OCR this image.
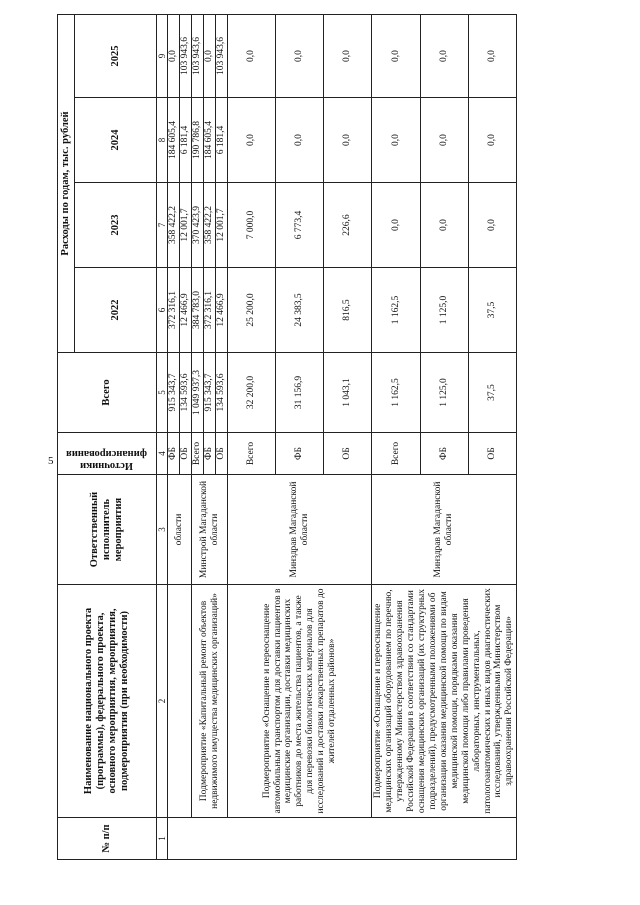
5
№ п/п	Наименование национального проекта (программы), федерального проекта, основного мероприятия, мероприятия, подмероприятия (при необходимости)	Ответственный исполнитель мероприятия	Источники финансирования	Всего	Расходы по годам, тыс. рублей			
					2022	2023	2024	2025
1	2	3	4	5	6	7	8	9
		области	ФБ	915 343,7	372 316,1	358 422,2	184 605,4	0,0
			ОБ	134 593,6	12 466,9	12 001,7	6 181,4	103 943,6
	Подмероприятие «Капитальный ремонт объектов недвижимого имущества медицинских организаций»	Минстрой Магаданской области	Всего	1 049 937,3	384 783,0	370 423,9	190 786,8	103 943,6
			ФБ	915 343,7	372 316,1	358 422,2	184 605,4	0,0
			ОБ	134 593,6	12 466,9	12 001,7	6 181,4	103 943,6
	Подмероприятие «Оснащение и переоснащение автомобильным транспортом для доставки пациентов в медицинские организации, доставки медицинских работников до места жительства пациентов, а также для перевозки биологических материалов для исследований и доставки лекарственных препаратов до жителей отдаленных районов»	Минздрав Магаданской области	Всего	32 200,0	25 200,0	7 000,0	0,0	0,0
			ФБ	31 156,9	24 383,5	6 773,4	0,0	0,0
			ОБ	1 043,1	816,5	226,6	0,0	0,0
	Подмероприятие «Оснащение и переоснащение медицинских организаций оборудованием по перечню, утвержденному Министерством здравоохранения Российской Федерации в соответствии со стандартами оснащения медицинских организаций (их структурных подразделений), предусмотренными положениями об организации оказания медицинской помощи по видам медицинской помощи, порядками оказания медицинской помощи либо правилами проведения лабораторных, инструментальных, патологоанатомических и иных видов диагностических исследований, утвержденными Министерством здравоохранения Российской Федерации»	Минздрав Магаданской области	Всего	1 162,5	1 162,5	0,0	0,0	0,0
			ФБ	1 125,0	1 125,0	0,0	0,0	0,0
			ОБ	37,5	37,5	0,0	0,0	0,0
